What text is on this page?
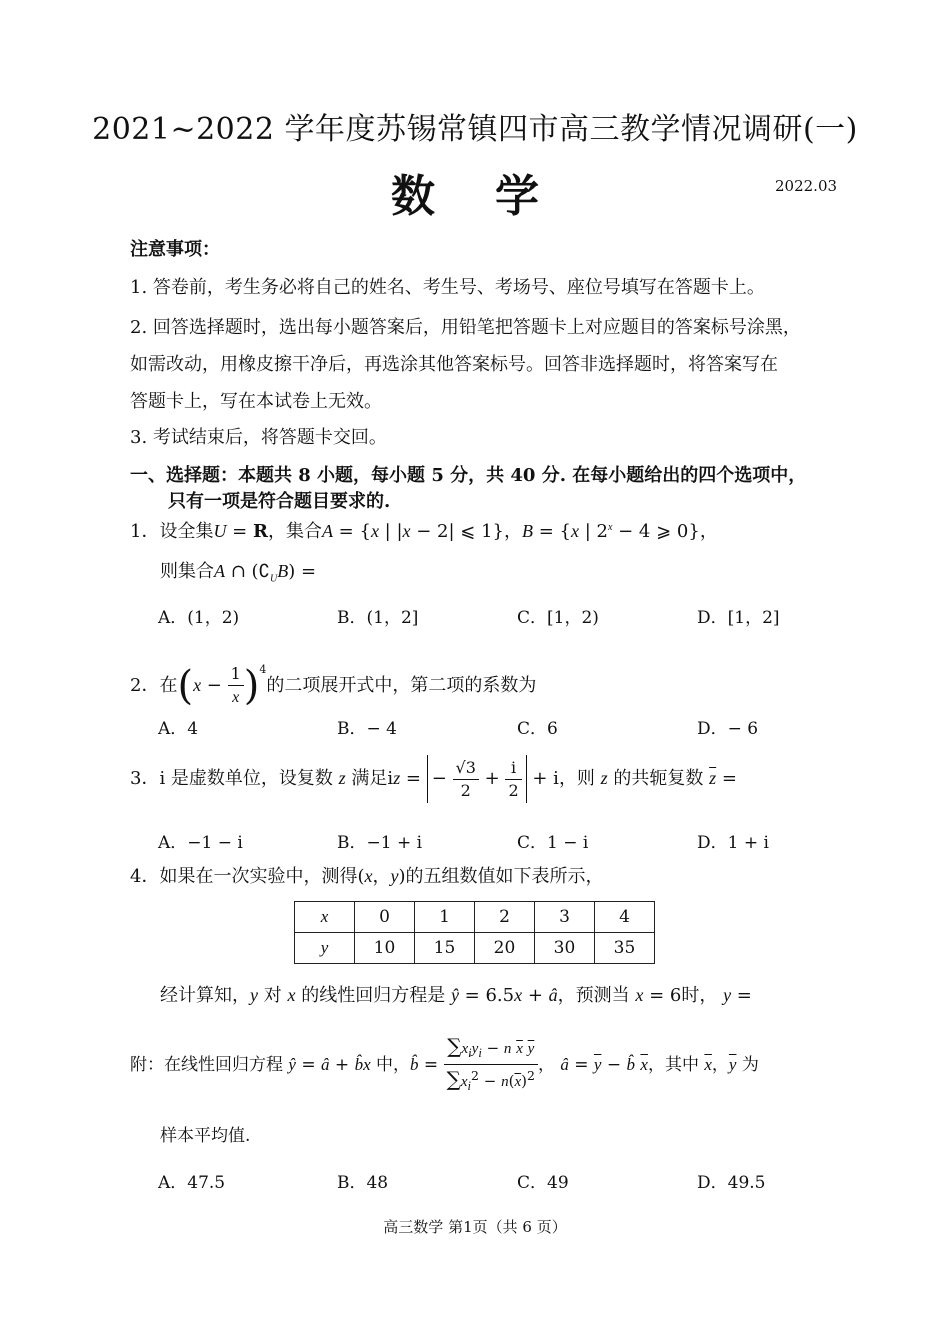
2021~2022 学年度苏锡常镇四市高三教学情况调研(一)
数学	2022.03
注意事项：
1. 答卷前，考生务必将自己的姓名、考生号、考场号、座位号填写在答题卡上。
2. 回答选择题时，选出每小题答案后，用铅笔把答题卡上对应题目的答案标号涂黑，
如需改动，用橡皮擦干净后，再选涂其他答案标号。回答非选择题时，将答案写在
答题卡上，写在本试卷上无效。
3. 考试结束后，将答题卡交回。
一、选择题：本题共 8 小题，每小题 5 分，共 40 分. 在每小题给出的四个选项中，
只有一项是符合题目要求的.
1．设全集U = R，集合A = {x | |x − 2| ⩽ 1}，B = {x | $2^x - 4$ ⩾ 0}，
则集合A ∩ $(∁_UB)$ =
A．(1，2)	B．(1，2]	C．[1，2)	D．[1，2]
2．在$(x - \frac{1}{x} )^4$的二项展开式中，第二项的系数为
A．4	B．− 4	C．6	D．− 6
3．i 是虚数单位，设复数 z 满足iz = − $\frac{√3}{2} + \frac{i}{2} + i$，则 z 的共轭复数 $\overline{z}$ =
A．−1 − i	B．−1 + i	C．1 − i	D．1 + i
4．如果在一次实验中，测得(x，y)的五组数值如下表所示，
x	0	1	2	3	4
y	10	15	20	30	35
经计算知，y 对 x 的线性回归方程是 ŷ = 6.5x + â，预测当 x = 6时， y =
附：在线性回归方程 ŷ = â + b̂x 中，b̂ = $\frac{\sum x_iy_i - n \overline{x} \overline{y}}{\sum x_i^2 - n(\overline{x})^2}$ ， â = $\overline{y}$ − b̂ $\overline{x}$，其中 $\overline{x}$，$\overline{y}$ 为
样本平均值.
A．47.5	B．48	C．49	D．49.5
高三数学 第1页（共 6 页）
